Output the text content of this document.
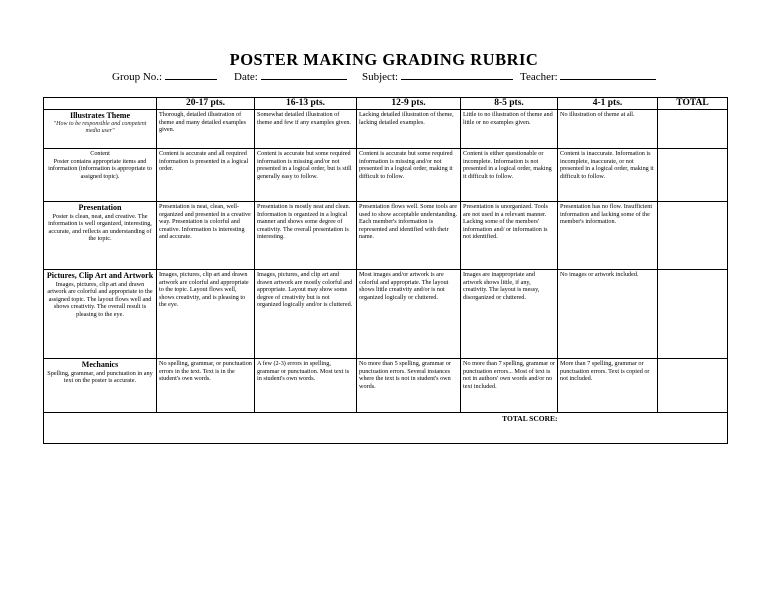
POSTER MAKING GRADING RUBRIC
Group No.:	Date:	Subject:	Teacher:
	20-17 pts.	16-13 pts.	12-9 pts.	8-5 pts.	4-1 pts.	TOTAL

Illustrates Theme
"How to be responsible and competent media user"	Thorough, detailed illustration of theme and many detailed examples given.	Somewhat detailed illustration of theme and few if any examples given.	Lacking detailed illustration of theme, lacking detailed examples.	Little to no illustration of theme and little or no examples given.	No illustration of theme at all.	

Content
Poster contains appropriate items and information (information is appropriate to assigned topic).	Content is accurate and all required information is presented in a logical order.	Content is accurate but some required information is missing and/or not presented in a logical order, but is still generally easy to follow.	Content is accurate but some required information is missing and/or not presented in a logical order, making it difficult to follow.	Content is either questionable or incomplete. Information is not presented in a logical order, making it difficult to follow.	Content is inaccurate. Information is incomplete, inaccurate, or not presented in a logical order, making it difficult to follow.	

Presentation
Poster is clean, neat, and creative. The information is well organized, interesting, accurate, and reflects an understanding of the topic.	Presentation is neat, clean, well-organized and presented in a creative way. Presentation is colorful and creative. Information is interesting and accurate.	Presentation is mostly neat and clean. Information is organized in a logical manner and shows some degree of creativity. The overall presentation is interesting.	Presentation flows well. Some tools are used to show acceptable understanding. Each member's information is represented and identified with their name.	Presentation is unorganized. Tools are not used in a relevant manner. Lacking some of the members' information and/ or information is not identified.	Presentation has no flow. Insufficient information and lacking some of the member's information.	

Pictures, Clip Art and Artwork
Images, pictures, clip art and drawn artwork are colorful and appropriate to the assigned topic. The layout flows well and shows creativity. The overall result is pleasing to the eye.	Images, pictures, clip art and drawn artwork are colorful and appropriate to the topic. Layout flows well, shows creativity, and is pleasing to the eye.	Images, pictures, and clip art and drawn artwork are mostly colorful and appropriate. Layout may show some degree of creativity but is not organized logically and/or is cluttered.	Most images and/or artwork is are colorful and appropriate. The layout shows little creativity and/or is not organized logically or cluttered.	Images are inappropriate and artwork shows little, if any, creativity. The layout is messy, disorganized or cluttered.	No images or artwork included.	

Mechanics
Spelling, grammar, and punctuation in any text on the poster is accurate.	No spelling, grammar, or punctuation errors in the text. Text is in the student's own words.	A few (2-3) errors in spelling, grammar or punctuation. Most text is in student's own words.	No more than 5 spelling, grammar or punctuation errors. Several instances where the text is not in student's own words.	No more than 7 spelling, grammar or punctuation errors... Most of text is not in authors' own words and/or no text included.	More than 7 spelling, grammar or punctuation errors. Text is copied or not included.	
TOTAL SCORE:						
